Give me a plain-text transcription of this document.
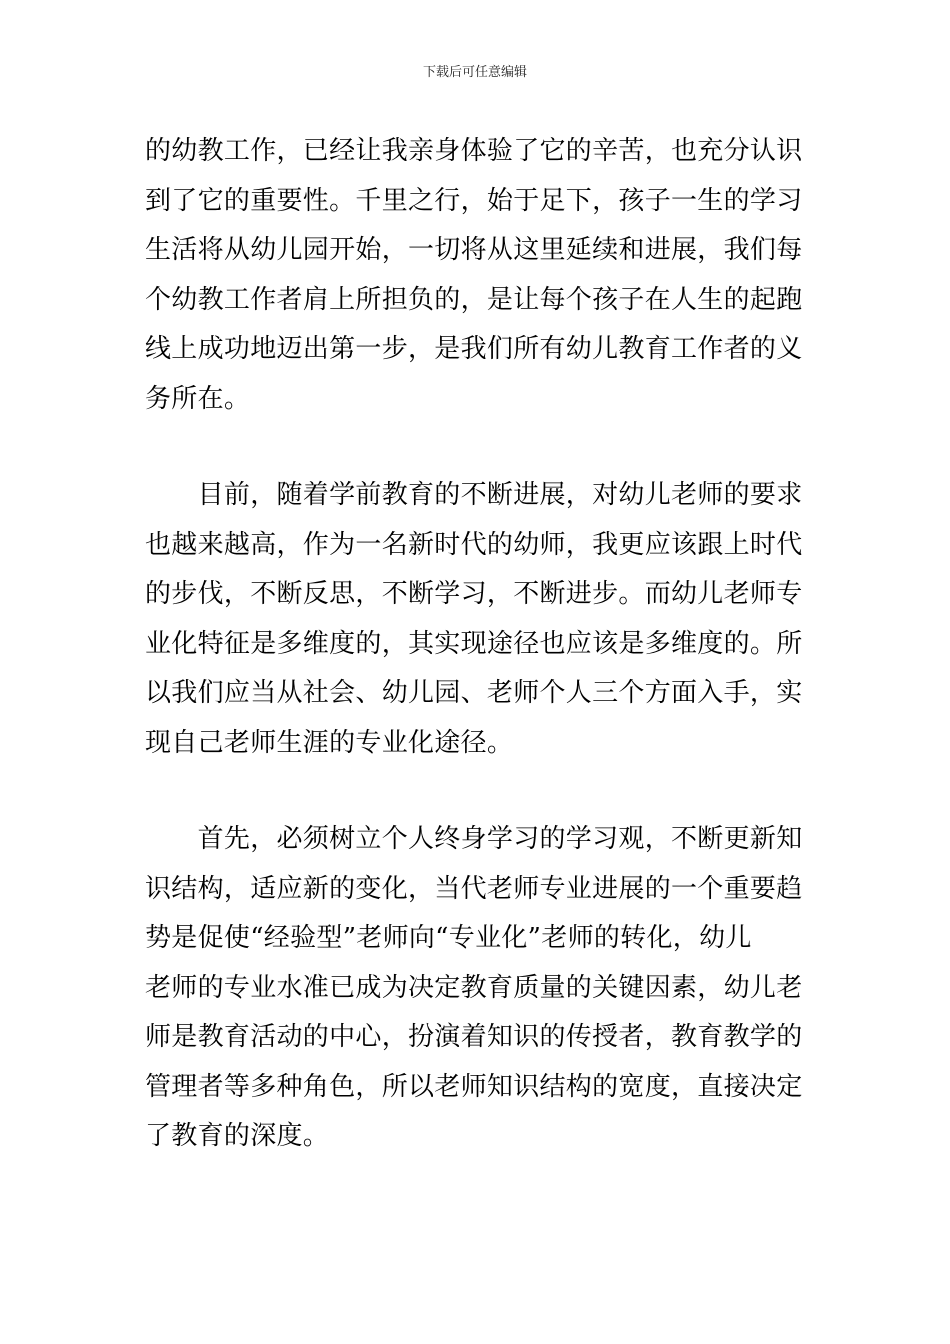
下载后可任意编辑

的幼教工作，已经让我亲身体验了它的辛苦，也充分认识
到了它的重要性。千里之行，始于足下，孩子一生的学习
生活将从幼儿园开始，一切将从这里延续和进展，我们每
个幼教工作者肩上所担负的，是让每个孩子在人生的起跑
线上成功地迈出第一步，是我们所有幼儿教育工作者的义
务所在。

　　目前，随着学前教育的不断进展，对幼儿老师的要求
也越来越高，作为一名新时代的幼师，我更应该跟上时代
的步伐，不断反思，不断学习，不断进步。而幼儿老师专
业化特征是多维度的，其实现途径也应该是多维度的。所
以我们应当从社会、幼儿园、老师个人三个方面入手，实
现自己老师生涯的专业化途径。

　　首先，必须树立个人终身学习的学习观，不断更新知
识结构，适应新的变化，当代老师专业进展的一个重要趋
势是促使“经验型”老师向“专业化”老师的转化，幼儿
老师的专业水准已成为决定教育质量的关键因素，幼儿老
师是教育活动的中心，扮演着知识的传授者，教育教学的
管理者等多种角色，所以老师知识结构的宽度，直接决定
了教育的深度。
